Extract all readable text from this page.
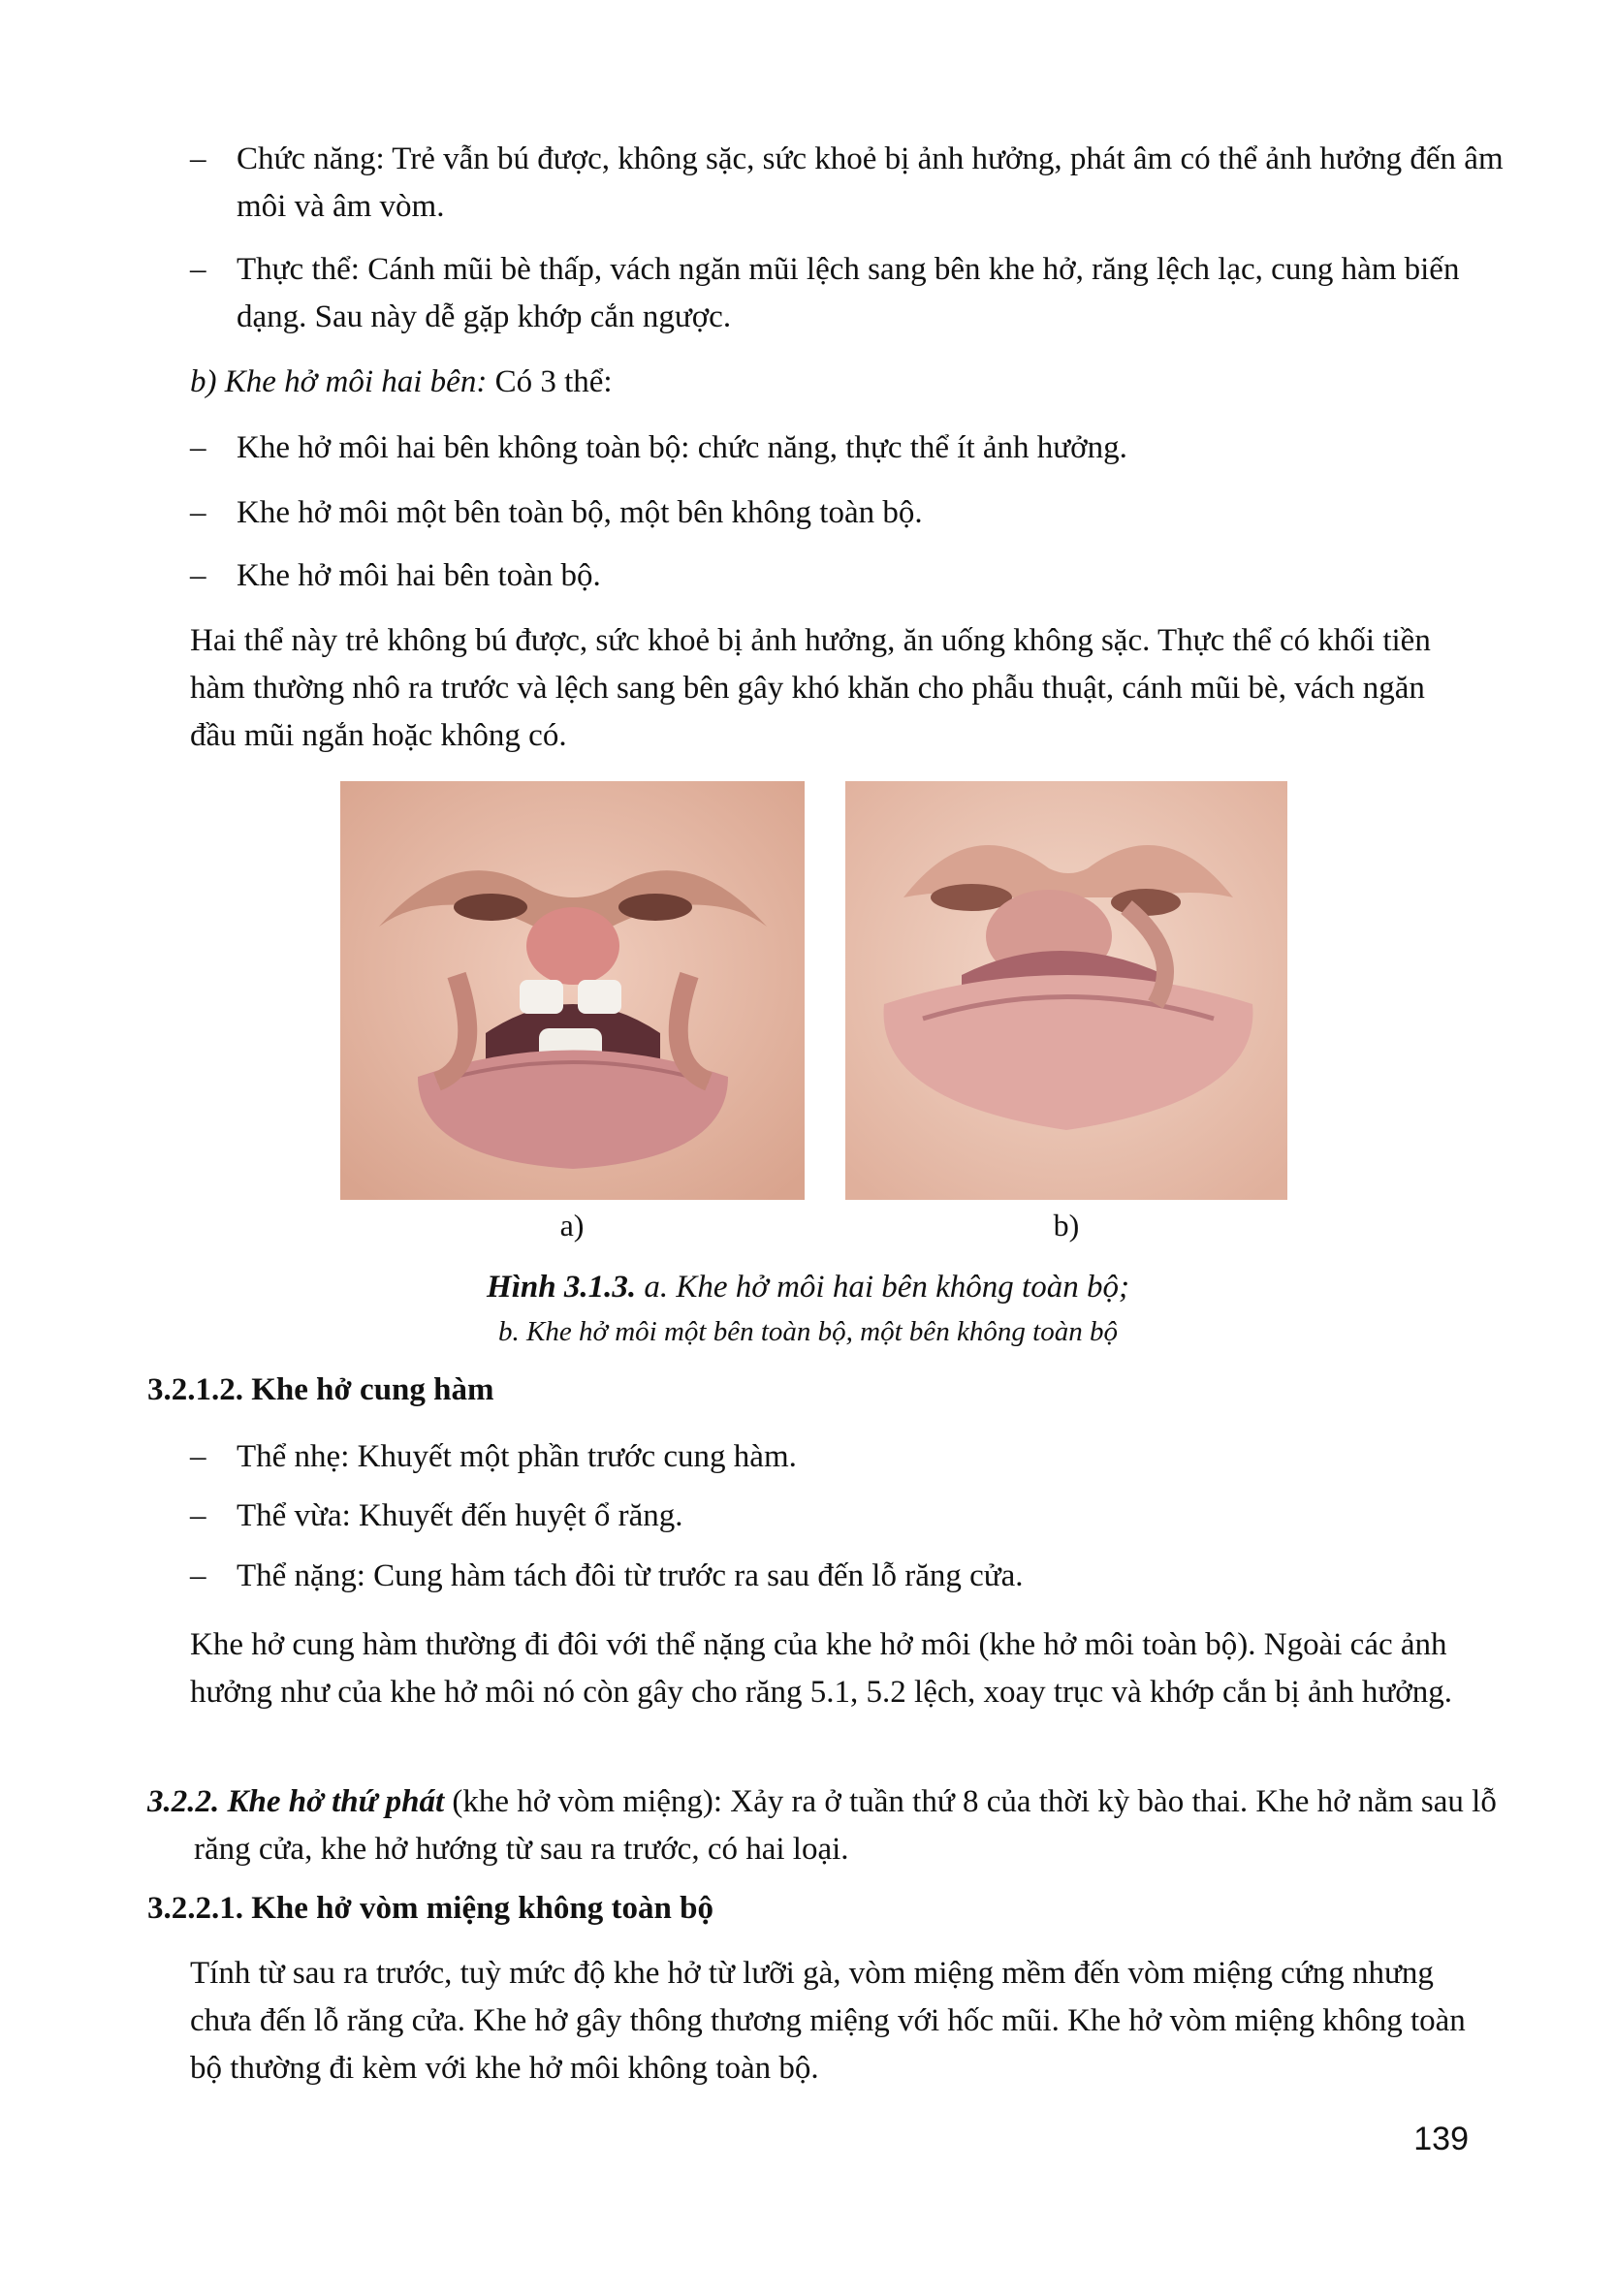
– Chức năng: Trẻ vẫn bú được, không sặc, sức khoẻ bị ảnh hưởng, phát âm có thể ảnh hưởng đến âm môi và âm vòm.
– Thực thể: Cánh mũi bè thấp, vách ngăn mũi lệch sang bên khe hở, răng lệch lạc, cung hàm biến dạng. Sau này dễ gặp khớp cắn ngược.
b) Khe hở môi hai bên: Có 3 thể:
– Khe hở môi hai bên không toàn bộ: chức năng, thực thể ít ảnh hưởng.
– Khe hở môi một bên toàn bộ, một bên không toàn bộ.
– Khe hở môi hai bên toàn bộ.
Hai thể này trẻ không bú được, sức khoẻ bị ảnh hưởng, ăn uống không sặc. Thực thể có khối tiền hàm thường nhô ra trước và lệch sang bên gây khó khăn cho phẫu thuật, cánh mũi bè, vách ngăn đầu mũi ngắn hoặc không có.
a)	b)
Hình 3.1.3. a. Khe hở môi hai bên không toàn bộ;
b. Khe hở môi một bên toàn bộ, một bên không toàn bộ
3.2.1.2. Khe hở cung hàm
– Thể nhẹ: Khuyết một phần trước cung hàm.
– Thể vừa: Khuyết đến huyệt ổ răng.
– Thể nặng: Cung hàm tách đôi từ trước ra sau đến lỗ răng cửa.
Khe hở cung hàm thường đi đôi với thể nặng của khe hở môi (khe hở môi toàn bộ). Ngoài các ảnh hưởng như của khe hở môi nó còn gây cho răng 5.1, 5.2 lệch, xoay trục và khớp cắn bị ảnh hưởng.
3.2.2. Khe hở thứ phát (khe hở vòm miệng): Xảy ra ở tuần thứ 8 của thời kỳ bào thai. Khe hở nằm sau lỗ răng cửa, khe hở hướng từ sau ra trước, có hai loại.
3.2.2.1. Khe hở vòm miệng không toàn bộ
Tính từ sau ra trước, tuỳ mức độ khe hở từ lưỡi gà, vòm miệng mềm đến vòm miệng cứng nhưng chưa đến lỗ răng cửa. Khe hở gây thông thương miệng với hốc mũi. Khe hở vòm miệng không toàn bộ thường đi kèm với khe hở môi không toàn bộ.
139
